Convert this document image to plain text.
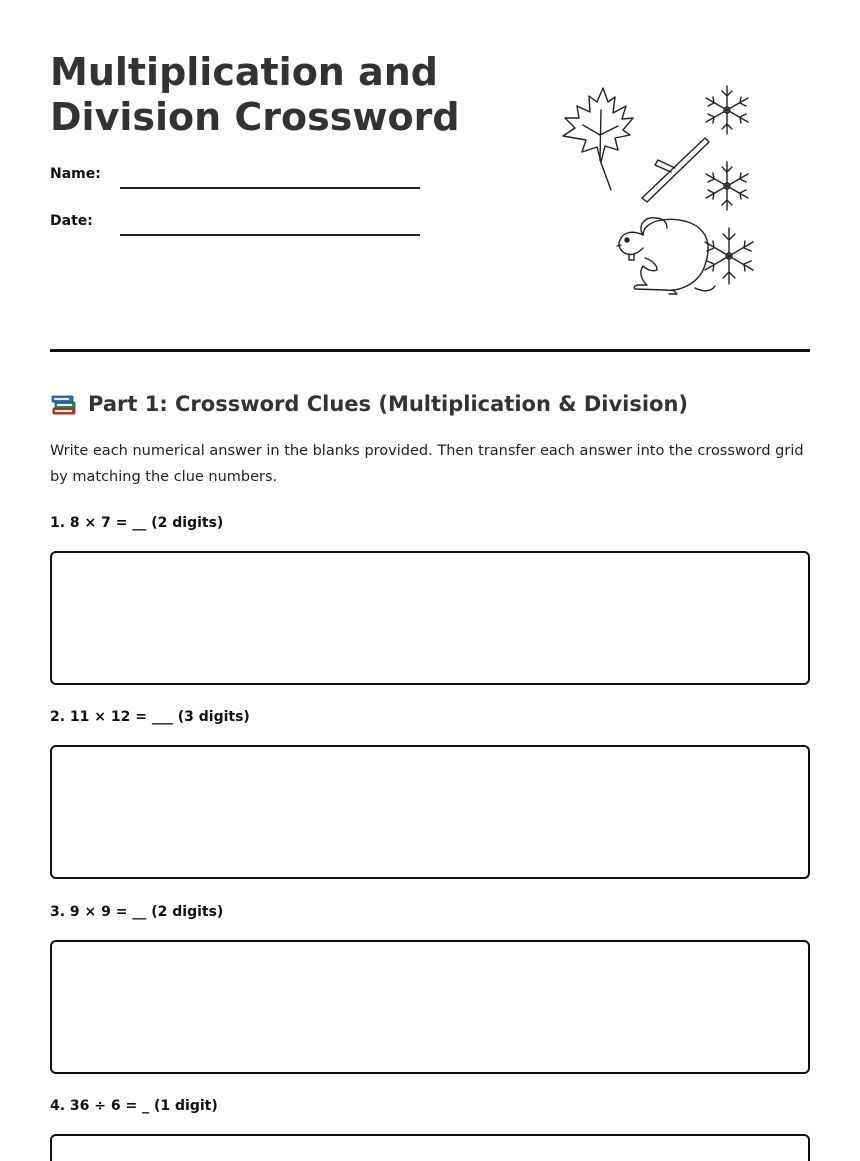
Multiplication and Division Crossword
Name:
Date:
Part 1: Crossword Clues (Multiplication & Division)

Write each numerical answer in the blanks provided. Then transfer each answer into the crossword grid by matching the clue numbers.

1. 8 × 7 = __ (2 digits)
2. 11 × 12 = ___ (3 digits)
3. 9 × 9 = __ (2 digits)
4. 36 ÷ 6 = _ (1 digit)
